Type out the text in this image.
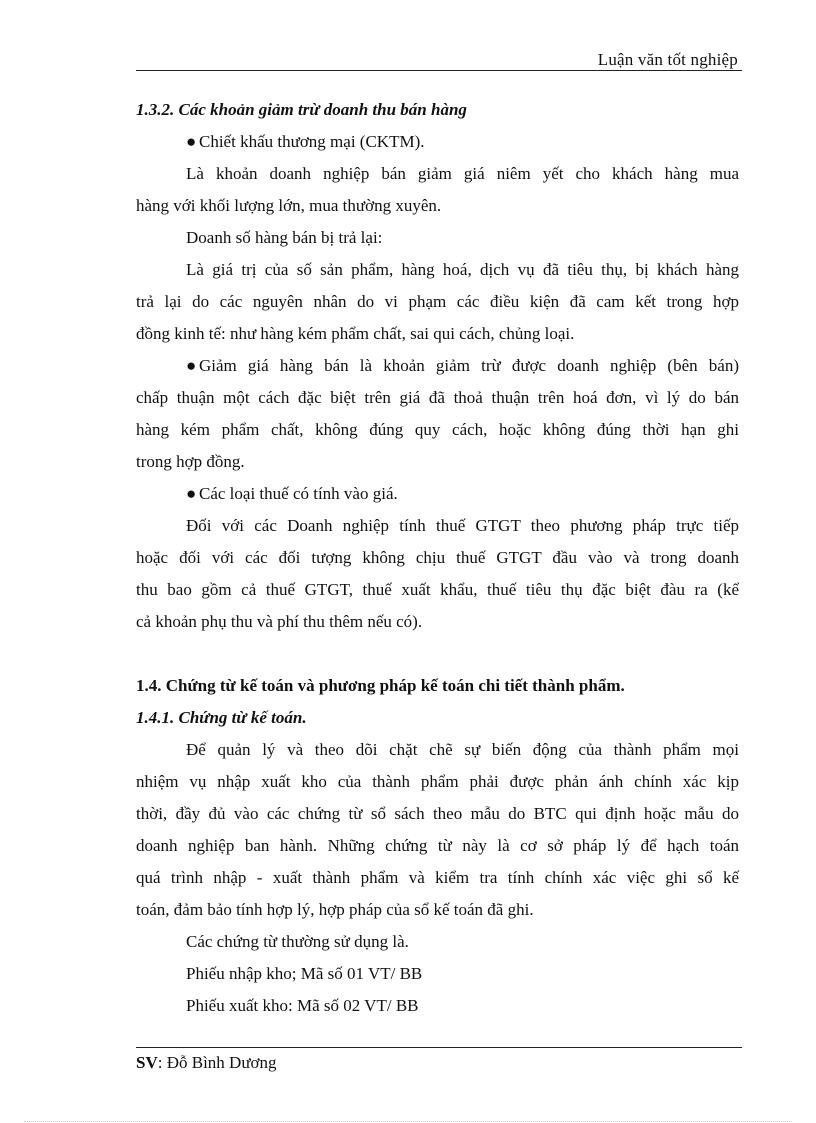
Luận văn tốt nghiệp
1.3.2. Các khoản giảm trừ doanh thu bán hàng
● Chiết khấu thương mại (CKTM).
Là khoản doanh nghiệp bán giảm giá niêm yết cho khách hàng mua
hàng với khối lượng lớn, mua thường xuyên.
Doanh số hàng bán bị trả lại:
Là giá trị của số sản phẩm, hàng hoá, dịch vụ đã tiêu thụ, bị khách hàng
trả lại do các nguyên nhân do vi phạm các điều kiện đã cam kết trong hợp
đồng kinh tế: như hàng kém phẩm chất, sai qui cách, chủng loại.
● Giảm giá hàng bán là khoản giảm trừ được doanh nghiệp (bên bán)
chấp thuận một cách đặc biệt trên giá đã thoả thuận trên hoá đơn, vì lý do bán
hàng kém phẩm chất, không đúng quy cách, hoặc không đúng thời hạn ghi
trong hợp đồng.
● Các loại thuế có tính vào giá.
Đối với các Doanh nghiệp tính thuế GTGT theo phương pháp trực tiếp
hoặc đối với các đối tượng không chịu thuế GTGT đầu vào và trong doanh
thu bao gồm cả thuế GTGT, thuế xuất khẩu, thuế tiêu thụ đặc biệt đàu ra (kể
cả khoản phụ thu và phí thu thêm nếu có).
1.4. Chứng từ kế toán và phương pháp kế toán chi tiết thành phẩm.
1.4.1. Chứng từ kế toán.
Để quản lý và theo dõi chặt chẽ sự biến động của thành phẩm mọi
nhiệm vụ nhập xuất kho của thành phẩm phải được phản ánh chính xác kịp
thời, đầy đủ vào các chứng từ sổ sách theo mẫu do BTC qui định hoặc mẫu do
doanh nghiệp ban hành. Những chứng từ này là cơ sở pháp lý để hạch toán
quá trình nhập - xuất thành phẩm và kiểm tra tính chính xác việc ghi sổ kế
toán, đảm bảo tính hợp lý, hợp pháp của sổ kế toán đã ghi.
Các chứng từ thường sử dụng là.
Phiếu nhập kho; Mã số 01 VT/ BB
Phiếu xuất kho: Mã số 02 VT/ BB
SV: Đỗ Bình Dương
